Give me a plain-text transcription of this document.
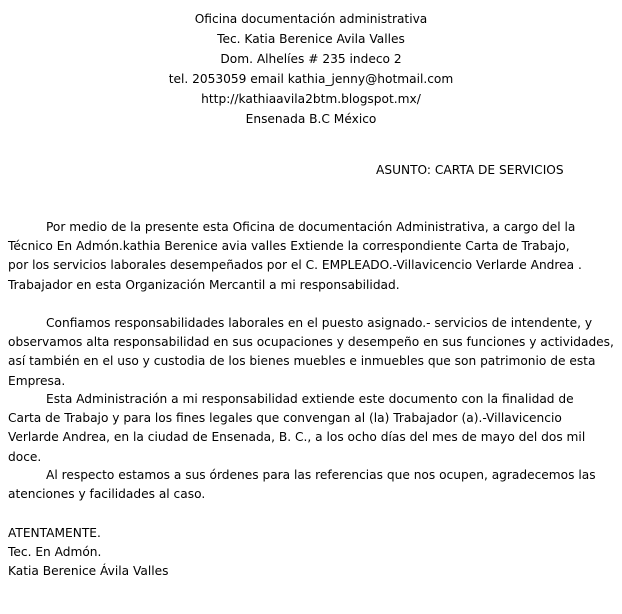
Oficina documentación administrativa
Tec. Katia Berenice Avila Valles
Dom. Alhelíes # 235 indeco 2
tel. 2053059 email kathia_jenny@hotmail.com
http://kathiaavila2btm.blogspot.mx/
Ensenada B.C México
ASUNTO: CARTA DE SERVICIOS
Por medio de la presente esta Oficina de documentación Administrativa, a cargo del la
Técnico En Admón.kathia Berenice avia valles Extiende la correspondiente Carta de Trabajo,
por los servicios laborales desempeñados por el C. EMPLEADO.-Villavicencio Verlarde Andrea .
Trabajador en esta Organización Mercantil a mi responsabilidad.
Confiamos responsabilidades laborales en el puesto asignado.- servicios de intendente, y
observamos alta responsabilidad en sus ocupaciones y desempeño en sus funciones y actividades,
así también en el uso y custodia de los bienes muebles e inmuebles que son patrimonio de esta
Empresa.
Esta Administración a mi responsabilidad extiende este documento con la finalidad de
Carta de Trabajo y para los fines legales que convengan al (la) Trabajador (a).-Villavicencio
Verlarde Andrea, en la ciudad de Ensenada, B. C., a los ocho días del mes de mayo del dos mil
doce.
Al respecto estamos a sus órdenes para las referencias que nos ocupen, agradecemos las
atenciones y facilidades al caso.
ATENTAMENTE.
Tec. En Admón.
Katia Berenice Ávila Valles
